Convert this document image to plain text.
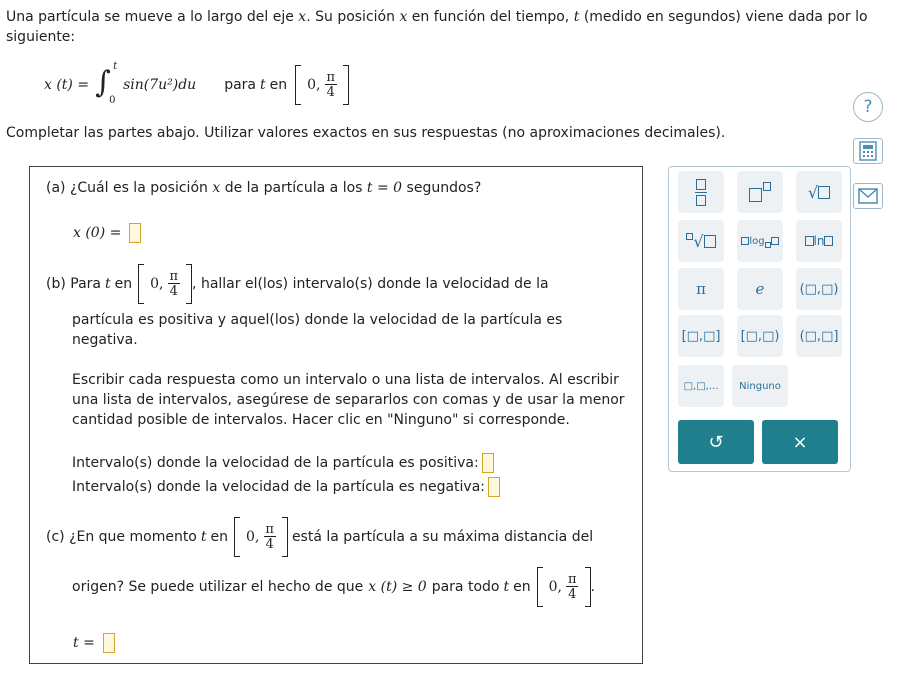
Una partícula se mueve a lo largo del eje x. Su posición x en función del tiempo, t (medido en segundos) viene dada por lo
siguiente:
x (t) = ∫ t
0
sin(7u²)du para t en 0, $\frac{\pi}{4}$
Completar las partes abajo. Utilizar valores exactos en sus respuestas (no aproximaciones decimales).
?
(a) ¿Cuál es la posición x de la partícula a los t = 0 segundos?
x (0) =
(b) Para t en 0, $\frac{\pi}{4}$ , hallar el(los) intervalo(s) donde la velocidad de la
partícula es positiva y aquel(los) donde la velocidad de la partícula es
negativa.
Escribir cada respuesta como un intervalo o una lista de intervalos. Al escribir
una lista de intervalos, asegúrese de separarlos con comas y de usar la menor
cantidad posible de intervalos. Hacer clic en "Ninguno" si corresponde.
Intervalo(s) donde la velocidad de la partícula es positiva:
Intervalo(s) donde la velocidad de la partícula es negativa:
(c) ¿En que momento t en 0, $\frac{\pi}{4}$ está la partícula a su máxima distancia del
origen? Se puede utilizar el hecho de que x (t) ≥ 0 para todo t en 0, $\frac{\pi}{4}$ .
t =
√
√	log	ln
π	e	(□,□)
[□,□] [□,□) (□,□]
□,□,...	Ninguno
↺	×
